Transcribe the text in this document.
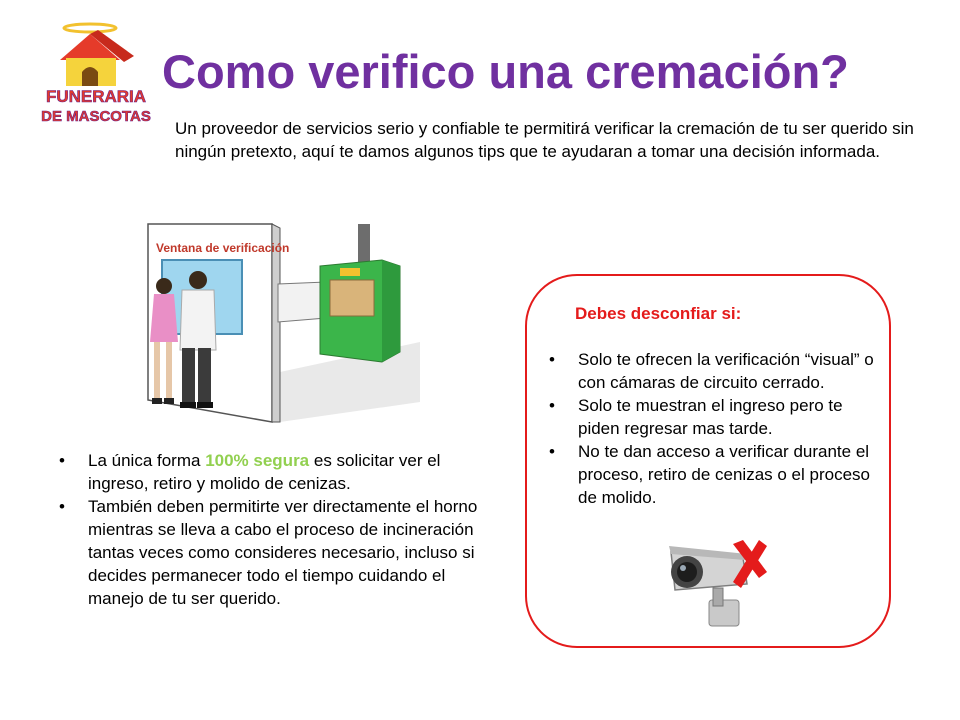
FUNERARIA
DE MASCOTAS
Como verifico una cremación?
Un proveedor de servicios serio y confiable te permitirá verificar la cremación de tu ser querido sin ningún pretexto, aquí te damos algunos tips que te ayudaran a tomar una decisión informada.
Ventana de verificación
• La única forma 100% segura es solicitar ver el ingreso, retiro y molido de cenizas.
• También deben permitirte ver directamente el horno mientras se lleva a cabo el proceso de incineración tantas veces como consideres necesario, incluso si decides permanecer todo el tiempo cuidando el manejo de tu ser querido.
Debes desconfiar si:
• Solo te ofrecen la verificación “visual” o con cámaras de circuito cerrado.
• Solo te muestran el ingreso pero te piden regresar mas tarde.
• No te dan acceso a verificar durante el proceso, retiro de cenizas o el proceso de molido.
